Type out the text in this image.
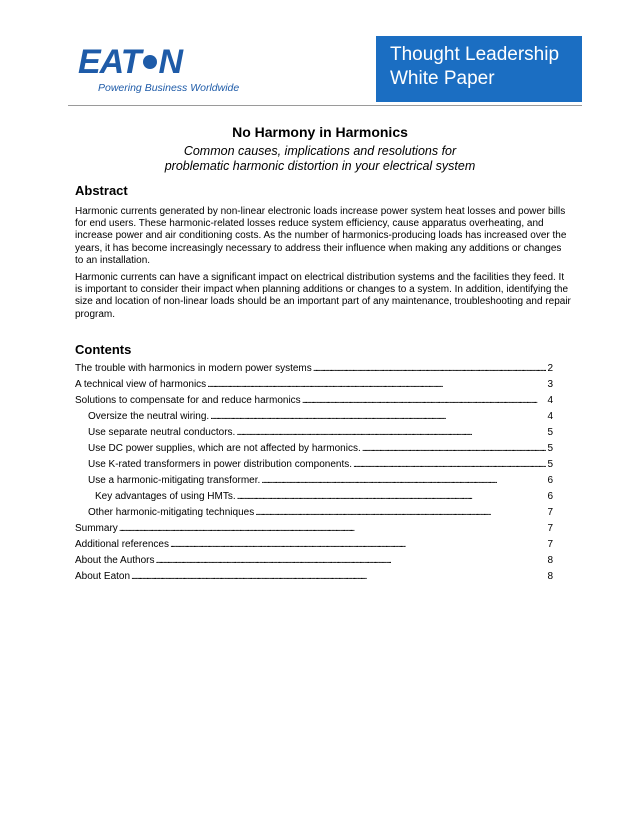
EAT N
Powering Business Worldwide
Thought Leadership
White Paper
No Harmony in Harmonics
Common causes, implications and resolutions for
problematic harmonic distortion in your electrical system
Abstract
Harmonic currents generated by non-linear electronic loads increase power system heat losses and power bills for end users. These harmonic-related losses reduce system efficiency, cause apparatus overheating, and increase power and air conditioning costs. As the number of harmonics-producing loads has increased over the years, it has become increasingly necessary to address their influence when making any additions or changes to an installation.
Harmonic currents can have a significant impact on electrical distribution systems and the facilities they feed. It is important to consider their impact when planning additions or changes to a system. In addition, identifying the size and location of non-linear loads should be an important part of any maintenance, troubleshooting and repair program.
Contents
The trouble with harmonics in modern power systems . . .	2
A technical view of harmonics . . .	3
Solutions to compensate for and reduce harmonics . . .	4
Oversize the neutral wiring. . . .	4
Use separate neutral conductors. . . .	5
Use DC power supplies, which are not affected by harmonics. . . .	5
Use K-rated transformers in power distribution components. . . .	5
Use a harmonic-mitigating transformer. . . .	6
Key advantages of using HMTs. . . .	6
Other harmonic-mitigating techniques . . .	7
Summary . . .	7
Additional references . . .	7
About the Authors . . .	8
About Eaton . . .	8
